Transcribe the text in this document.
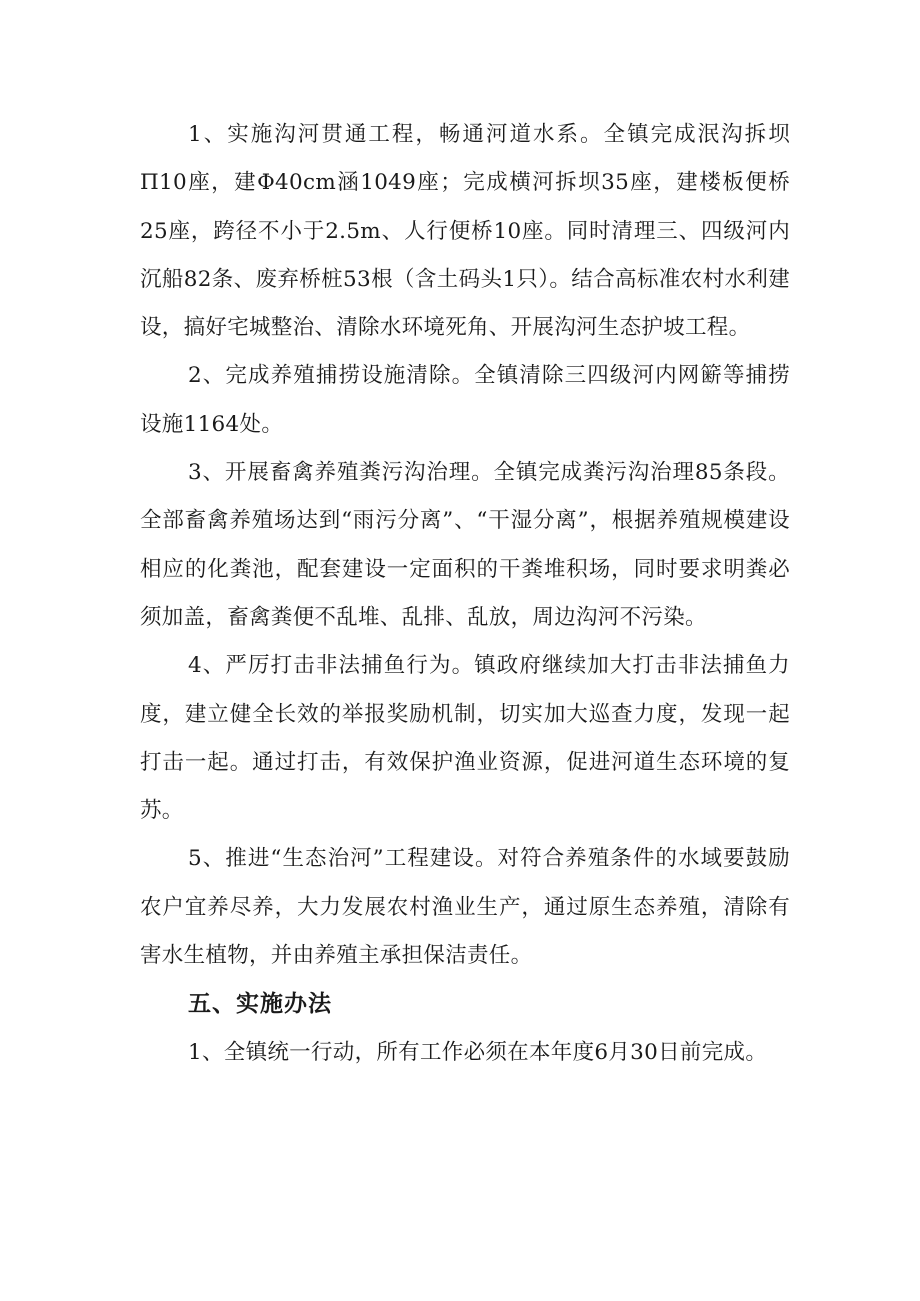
1、实施沟河贯通工程，畅通河道水系。全镇完成泯沟拆坝Π10座，建Φ40cm涵1049座；完成横河拆坝35座，建楼板便桥25座，跨径不小于2.5m、人行便桥10座。同时清理三、四级河内沉船82条、废弃桥桩53根（含土码头1只）。结合高标准农村水利建设，搞好宅城整治、清除水环境死角、开展沟河生态护坡工程。

2、完成养殖捕捞设施清除。全镇清除三四级河内网簖等捕捞设施1164处。

3、开展畜禽养殖粪污沟治理。全镇完成粪污沟治理85条段。全部畜禽养殖场达到“雨污分离”、“干湿分离”，根据养殖规模建设相应的化粪池，配套建设一定面积的干粪堆积场，同时要求明粪必须加盖，畜禽粪便不乱堆、乱排、乱放，周边沟河不污染。

4、严厉打击非法捕鱼行为。镇政府继续加大打击非法捕鱼力度，建立健全长效的举报奖励机制，切实加大巡查力度，发现一起打击一起。通过打击，有效保护渔业资源，促进河道生态环境的复苏。

5、推进“生态治河”工程建设。对符合养殖条件的水域要鼓励农户宜养尽养，大力发展农村渔业生产，通过原生态养殖，清除有害水生植物，并由养殖主承担保洁责任。

五、实施办法

1、全镇统一行动，所有工作必须在本年度6月30日前完成。
